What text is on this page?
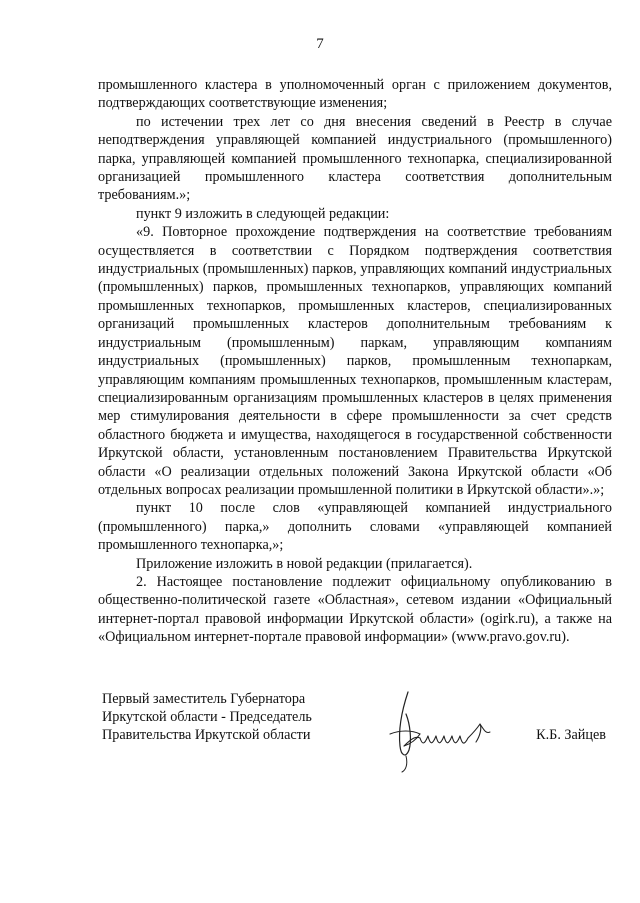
7

промышленного кластера в уполномоченный орган с приложением документов, подтверждающих соответствующие изменения;

по истечении трех лет со дня внесения сведений в Реестр в случае неподтверждения управляющей компанией индустриального (промышленного) парка, управляющей компанией промышленного технопарка, специализированной организацией промышленного кластера соответствия дополнительным требованиям.»;

пункт 9 изложить в следующей редакции:

«9. Повторное прохождение подтверждения на соответствие требованиям осуществляется в соответствии с Порядком подтверждения соответствия индустриальных (промышленных) парков, управляющих компаний индустриальных (промышленных) парков, промышленных технопарков, управляющих компаний промышленных технопарков, промышленных кластеров, специализированных организаций промышленных кластеров дополнительным требованиям к индустриальным (промышленным) паркам, управляющим компаниям индустриальных (промышленных) парков, промышленным технопаркам, управляющим компаниям промышленных технопарков, промышленным кластерам, специализированным организациям промышленных кластеров в целях применения мер стимулирования деятельности в сфере промышленности за счет средств областного бюджета и имущества, находящегося в государственной собственности Иркутской области, установленным постановлением Правительства Иркутской области «О реализации отдельных положений Закона Иркутской области «Об отдельных вопросах реализации промышленной политики в Иркутской области».»;

пункт 10 после слов «управляющей компанией индустриального (промышленного) парка,» дополнить словами «управляющей компанией промышленного технопарка,»;

Приложение изложить в новой редакции (прилагается).

2. Настоящее постановление подлежит официальному опубликованию в общественно-политической газете «Областная», сетевом издании «Официальный интернет-портал правовой информации Иркутской области» (ogirk.ru), а также на «Официальном интернет-портале правовой информации» (www.pravo.gov.ru).

Первый заместитель Губернатора
Иркутской области - Председатель
Правительства Иркутской области	К.Б. Зайцев
